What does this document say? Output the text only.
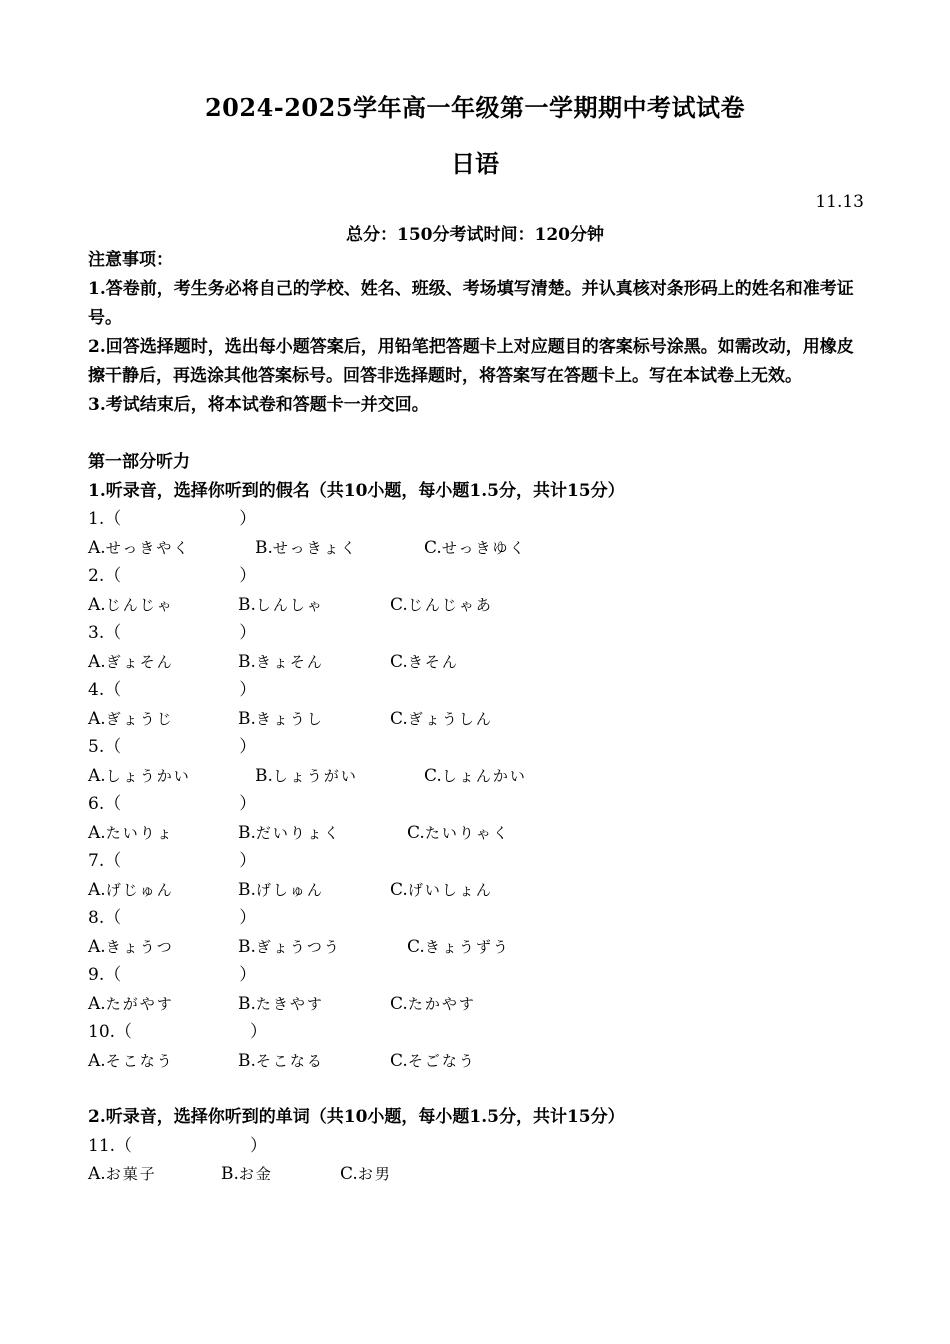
2024-2025学年高一年级第一学期期中考试试卷
日语
11.13
总分：150分考试时间：120分钟

注意事项：

1.答卷前，考生务必将自己的学校、姓名、班级、考场填写清楚。并认真核对条形码上的姓名和准考证号。

2.回答选择题时，选出每小题答案后，用铅笔把答题卡上对应题目的客案标号涂黑。如需改动，用橡皮擦干静后，再选涂其他答案标号。回答非选择题时，将答案写在答题卡上。写在本试卷上无效。

3.考试结束后，将本试卷和答题卡一并交回。

第一部分听力
1.听录音，选择你听到的假名（共10小题，每小题1.5分，共计15分）
1.（	）
A.せっきやく	B.せっきょく	C.せっきゆく
2.（	）
A.じんじゃ	B.しんしゃ	C.じんじゃあ
3.（	）
A.ぎょそん	B.きょそん	C.きそん
4.（	）
A.ぎょうじ	B.きょうし	C.ぎょうしん
5.（	）
A.しょうかい	B.しょうがい	C.しょんかい
6.（	）
A.たいりょ	B.だいりょく	C.たいりゃく
7.（	）
A.げじゅん	B.げしゅん	C.げいしょん
8.（	）
A.きょうつ	B.ぎょうつう	C.きょうずう
9.（	）
A.たがやす	B.たきやす	C.たかやす
10.（	）
A.そこなう	B.そこなる	C.そごなう
2.听录音，选择你听到的单词（共10小题，每小题1.5分，共计15分）
11.（	）
A.お菓子	B.お金	C.お男
